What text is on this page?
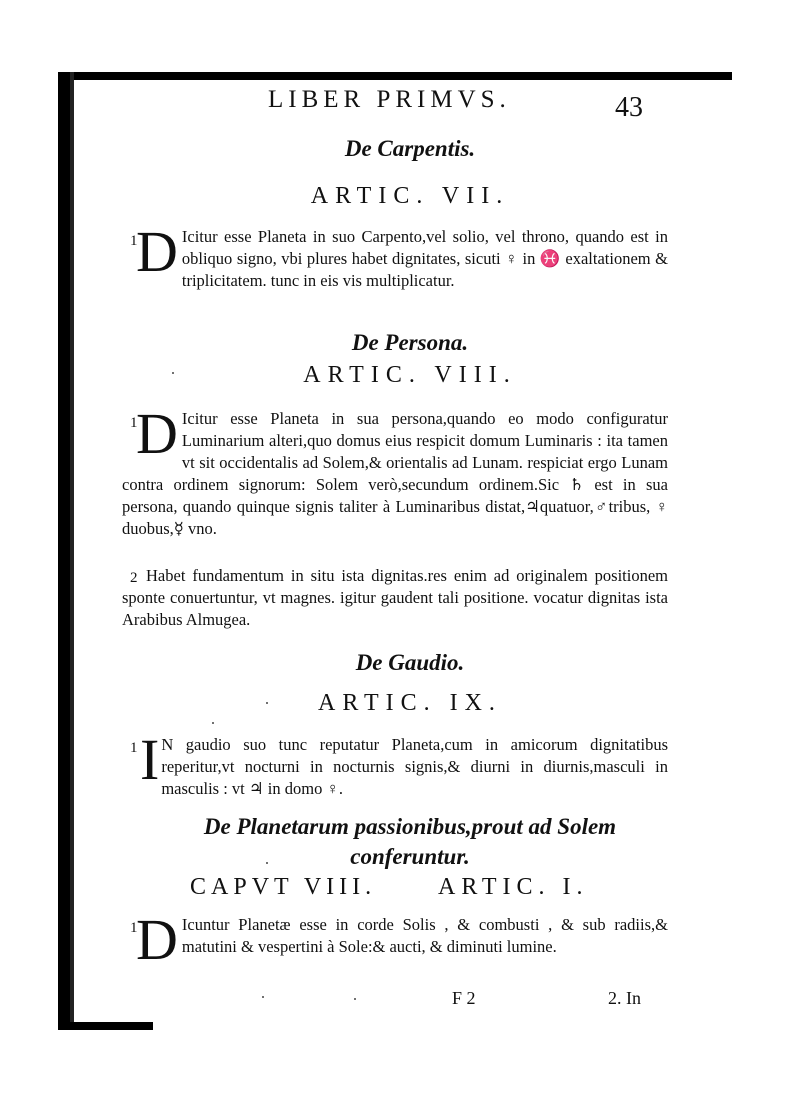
LIBER PRIMVS.	43
De Carpentis.
ARTIC. VII.
1
D Icitur esse Planeta in suo Carpento,vel solio, vel throno, quando est in obliquo signo, vbi plures habet dignitates, sicuti ♀ in ♓ exaltationem & triplicitatem. tunc in eis vis multiplicatur.

De Persona.
ARTIC. VIII.
1
D Icitur esse Planeta in sua persona,quando eo modo configuratur Luminarium alteri,quo domus eius respicit domum Luminaris : ita tamen vt sit occidentalis ad Solem,& orientalis ad Lunam. respiciat ergo Lunam contra ordinem signorum: Solem verò,secundum ordinem.Sic ♄ est in sua persona, quando quinque signis taliter à Luminaribus distat,♃quatuor,♂tribus, ♀ duobus,☿ vno.

2 Habet fundamentum in situ ista dignitas.res enim ad originalem positionem sponte conuertuntur, vt magnes. igitur gaudent tali positione. vocatur dignitas ista Arabibus Almugea.

De Gaudio.
ARTIC. IX.
1 I N gaudio suo tunc reputatur Planeta,cum in amicorum dignitatibus reperitur,vt nocturni in nocturnis signis,& diurni in diurnis,masculi in masculis : vt ♃ in domo ♀.

De Planetarum passionibus,prout ad Solem conferuntur.
CAPVT VIII.	ARTIC. I.
1
D Icuntur Planetæ esse in corde Solis , & combusti , & sub radiis,& matutini & vespertini à Sole:& aucti, & diminuti lumine.

F 2	2. In
